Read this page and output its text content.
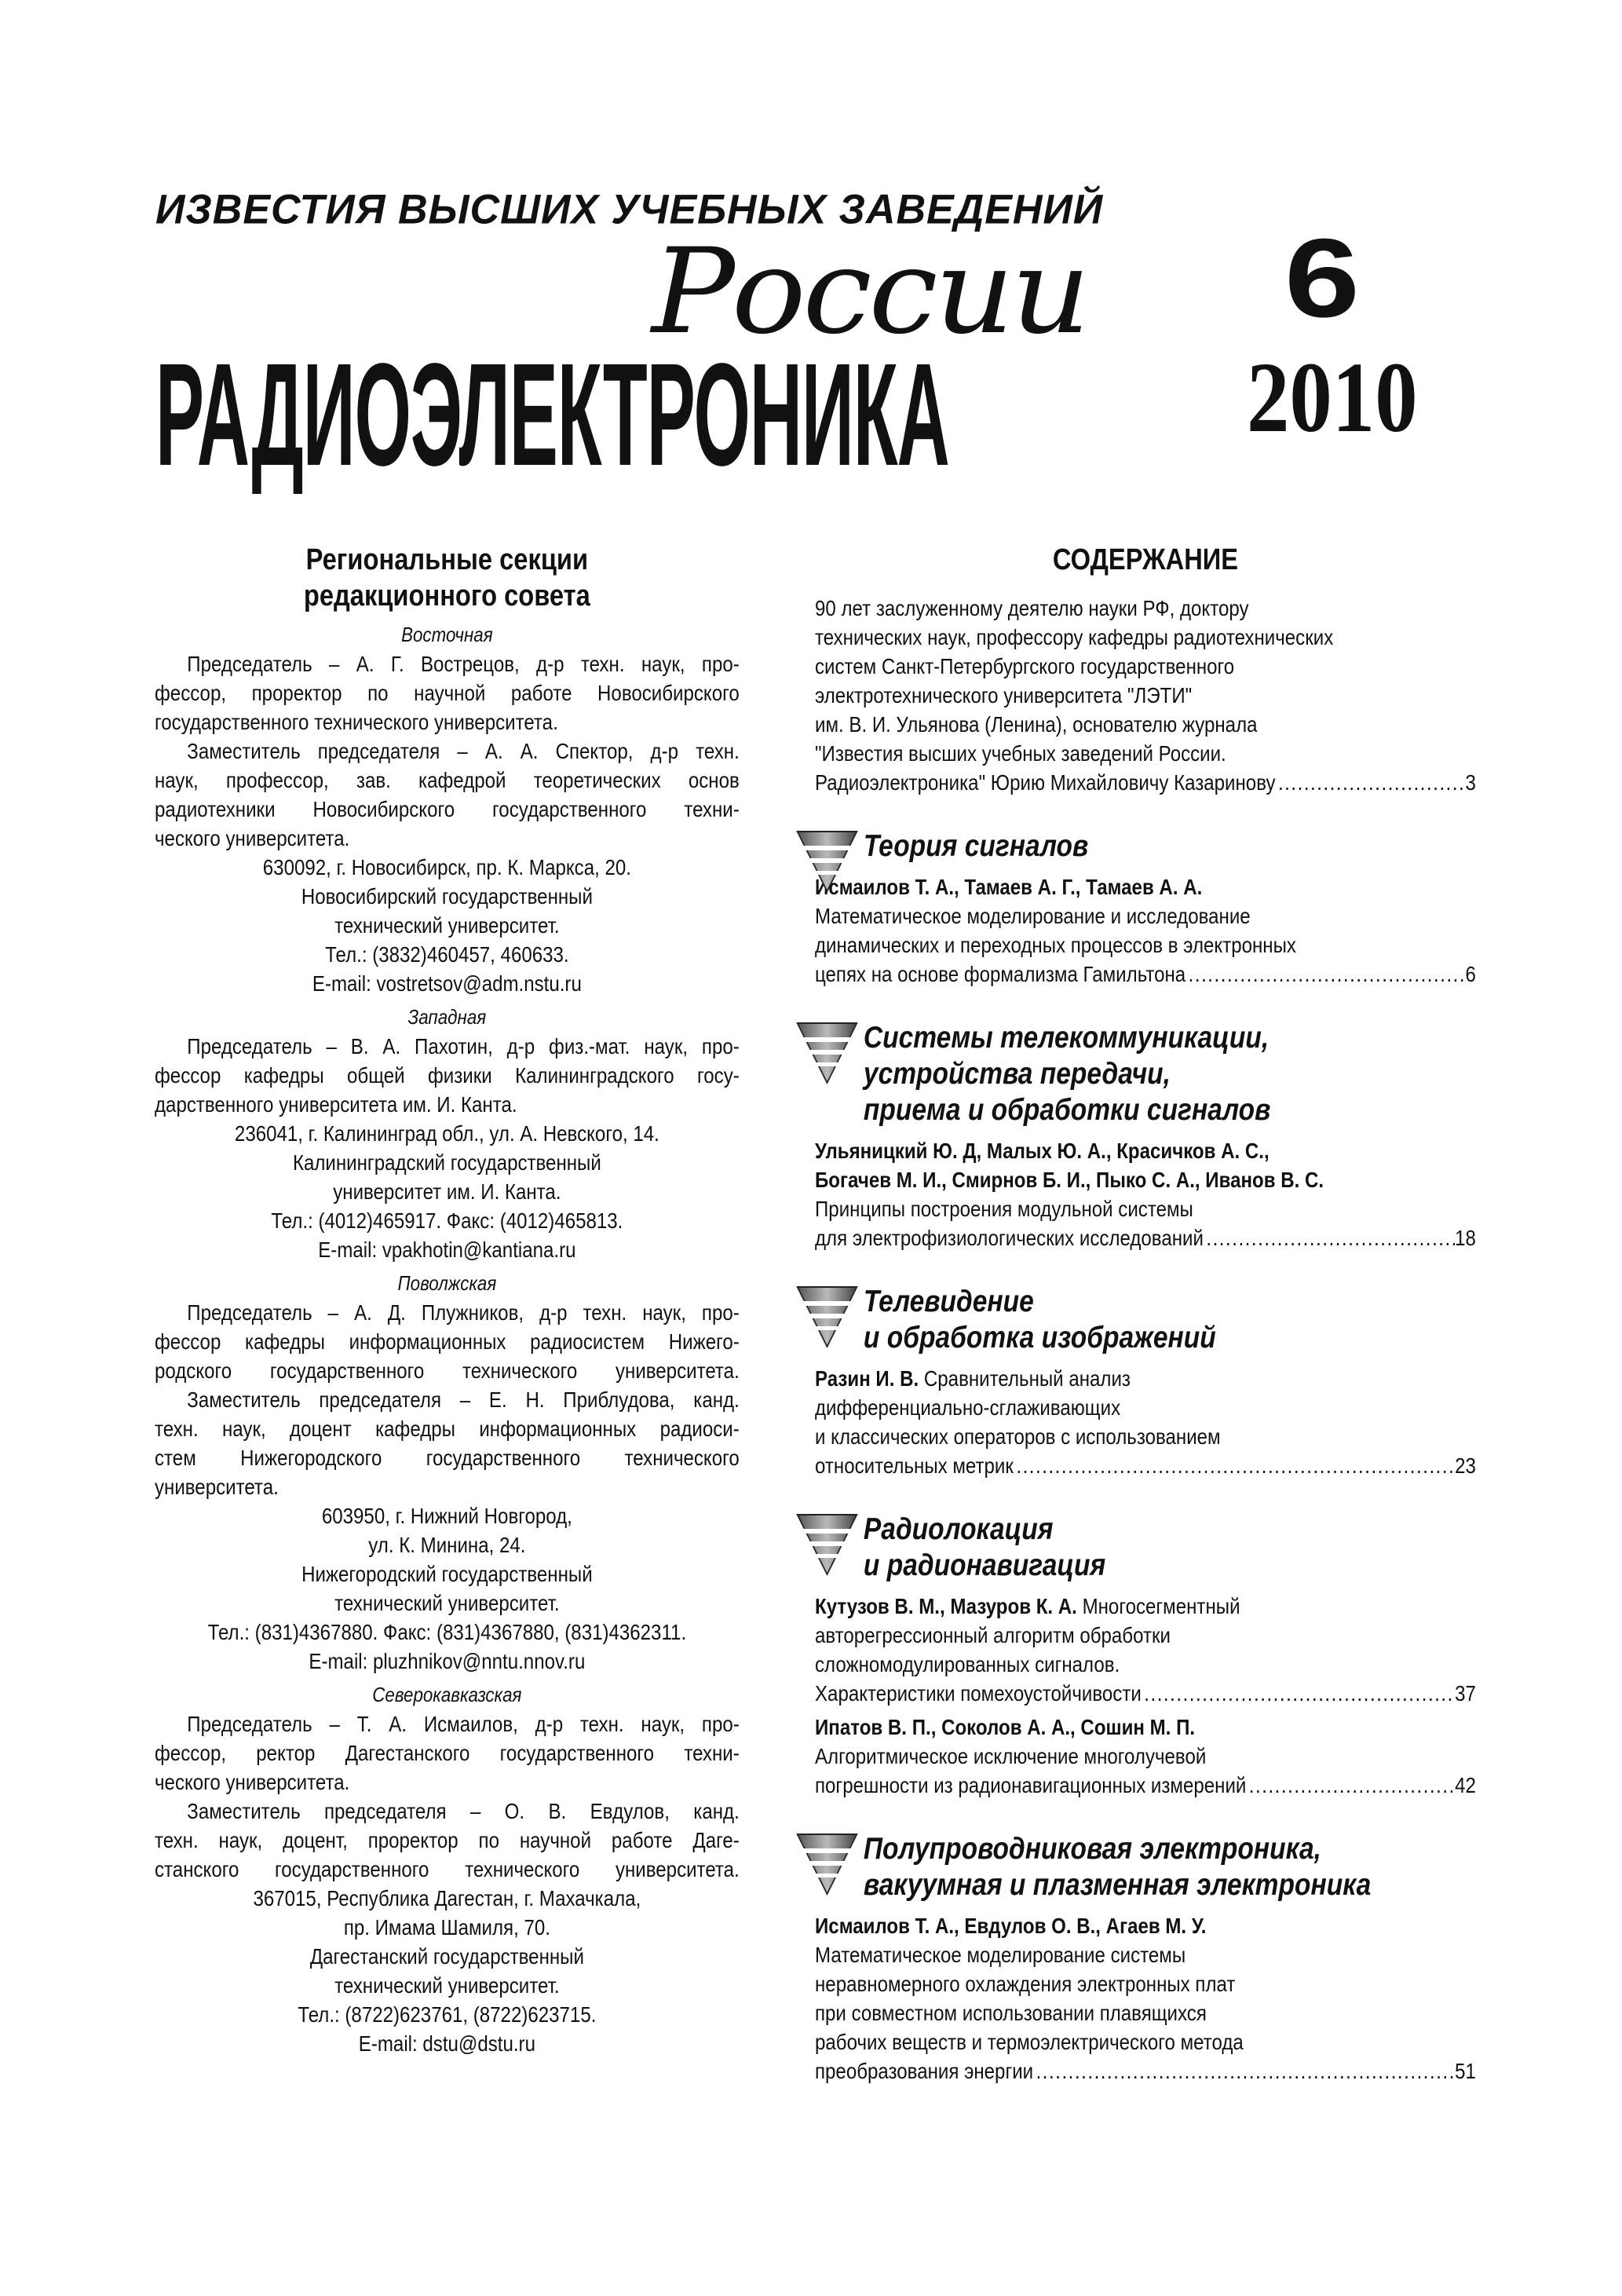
ИЗВЕСТИЯ ВЫСШИХ УЧЕБНЫХ ЗАВЕДЕНИЙ
России 6
РАДИОЭЛЕКТРОНИКА	2010
Региональные секции
редакционного совета
Восточная
Председатель – А. Г. Вострецов, д-р техн. наук, про-
фессор, проректор по научной работе Новосибирского
государственного технического университета.
Заместитель председателя – А. А. Спектор, д-р техн.
наук, профессор, зав. кафедрой теоретических основ
радиотехники Новосибирского государственного техни-
ческого университета.
630092, г. Новосибирск, пр. К. Маркса, 20.
Новосибирский государственный
технический университет.
Тел.: (3832)460457, 460633.
E-mail: vostretsov@adm.nstu.ru
Западная
Председатель – В. А. Пахотин, д-р физ.-мат. наук, про-
фессор кафедры общей физики Калининградского госу-
дарственного университета им. И. Канта.
236041, г. Калининград обл., ул. А. Невского, 14.
Калининградский государственный
университет им. И. Канта.
Тел.: (4012)465917. Факс: (4012)465813.
E-mail: vpakhotin@kantiana.ru
Поволжская
Председатель – А. Д. Плужников, д-р техн. наук, про-
фессор кафедры информационных радиосистем Нижего-
родского государственного технического университета.
Заместитель председателя – Е. Н. Приблудова, канд.
техн. наук, доцент кафедры информационных радиоси-
стем Нижегородского государственного технического
университета.
603950, г. Нижний Новгород,
ул. К. Минина, 24.
Нижегородский государственный
технический университет.
Тел.: (831)4367880. Факс: (831)4367880, (831)4362311.
E-mail: pluzhnikov@nntu.nnov.ru
Северокавказская
Председатель – Т. А. Исмаилов, д-р техн. наук, про-
фессор, ректор Дагестанского государственного техни-
ческого университета.
Заместитель председателя – О. В. Евдулов, канд.
техн. наук, доцент, проректор по научной работе Даге-
станского государственного технического университета.
367015, Республика Дагестан, г. Махачкала,
пр. Имама Шамиля, 70.
Дагестанский государственный
технический университет.
Тел.: (8722)623761, (8722)623715.
E-mail: dstu@dstu.ru
СОДЕРЖАНИЕ
90 лет заслуженному деятелю науки РФ, доктору
технических наук, профессору кафедры радиотехнических
систем Санкт-Петербургского государственного
электротехнического университета "ЛЭТИ"
им. В. И. Ульянова (Ленина), основателю журнала
"Известия высших учебных заведений России.
Радиоэлектроника" Юрию Михайловичу Казаринову . . .	3
Теория сигналов
Исмаилов Т. А., Тамаев А. Г., Тамаев А. А.
Математическое моделирование и исследование
динамических и переходных процессов в электронных
цепях на основе формализма Гамильтона . . .	6
Системы телекоммуникации,
устройства передачи,
приема и обработки сигналов
Ульяницкий Ю. Д, Малых Ю. А., Красичков А. С.,
Богачев М. И., Смирнов Б. И., Пыко С. А., Иванов В. С.
Принципы построения модульной системы
для электрофизиологических исследований . . .	18
Телевидение
и обработка изображений
Разин И. В. Сравнительный анализ
дифференциально-сглаживающих
и классических операторов с использованием
относительных метрик . . .	23
Радиолокация
и радионавигация
Кутузов В. М., Мазуров К. А. Многосегментный
авторегрессионный алгоритм обработки
сложномодулированных сигналов.
Характеристики помехоустойчивости . . .	37
Ипатов В. П., Соколов А. А., Сошин М. П.
Алгоритмическое исключение многолучевой
погрешности из радионавигационных измерений . . .	42
Полупроводниковая электроника,
вакуумная и плазменная электроника
Исмаилов Т. А., Евдулов О. В., Агаев М. У.
Математическое моделирование системы
неравномерного охлаждения электронных плат
при совместном использовании плавящихся
рабочих веществ и термоэлектрического метода
преобразования энергии . . .	51
